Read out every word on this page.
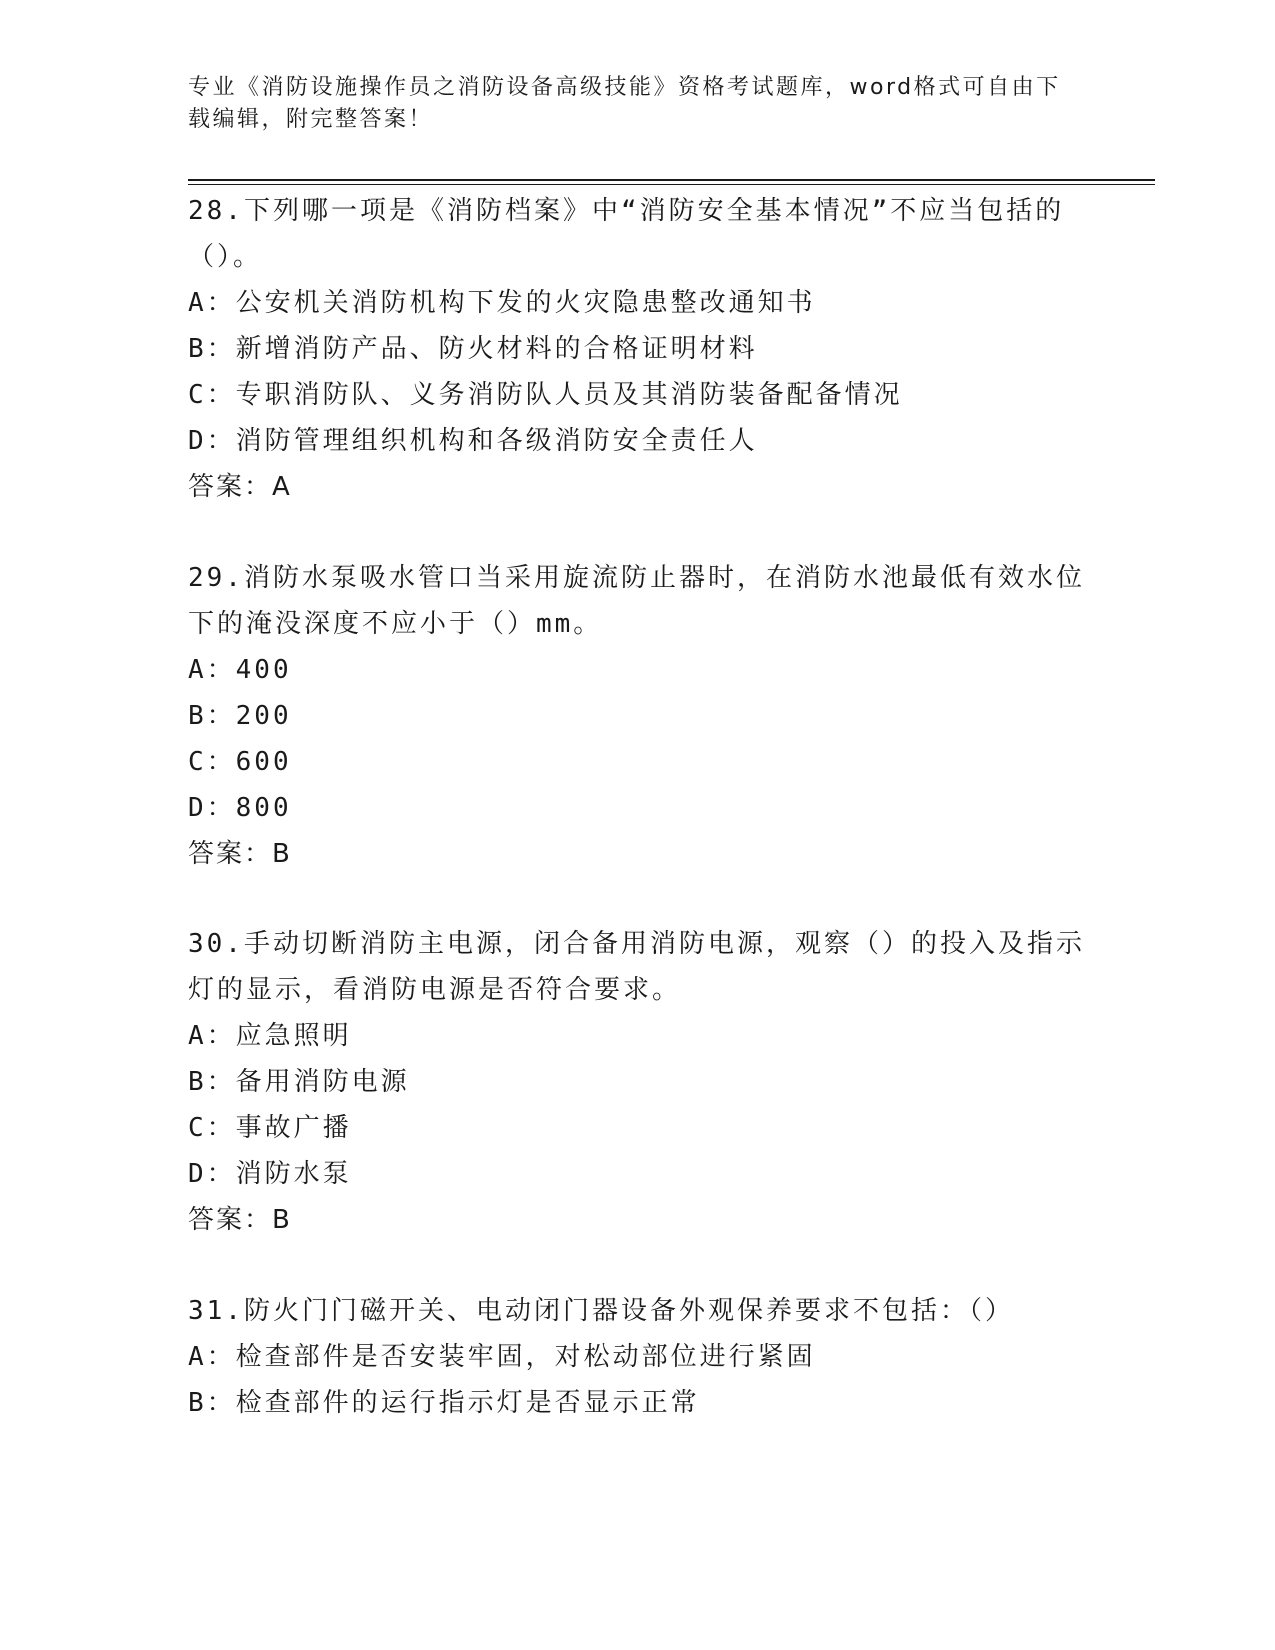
专业《消防设施操作员之消防设备高级技能》资格考试题库，word格式可自由下载编辑，附完整答案！

28.下列哪一项是《消防档案》中“消防安全基本情况”不应当包括的（）。

A：公安机关消防机构下发的火灾隐患整改通知书

B：新增消防产品、防火材料的合格证明材料

C：专职消防队、义务消防队人员及其消防装备配备情况

D：消防管理组织机构和各级消防安全责任人

答案：A

29.消防水泵吸水管口当采用旋流防止器时，在消防水池最低有效水位下的淹没深度不应小于（）mm。

A：400

B：200

C：600

D：800

答案：B

30.手动切断消防主电源，闭合备用消防电源，观察（）的投入及指示灯的显示，看消防电源是否符合要求。

A：应急照明

B：备用消防电源

C：事故广播

D：消防水泵

答案：B

31.防火门门磁开关、电动闭门器设备外观保养要求不包括：（）

A：检查部件是否安装牢固，对松动部位进行紧固

B：检查部件的运行指示灯是否显示正常
